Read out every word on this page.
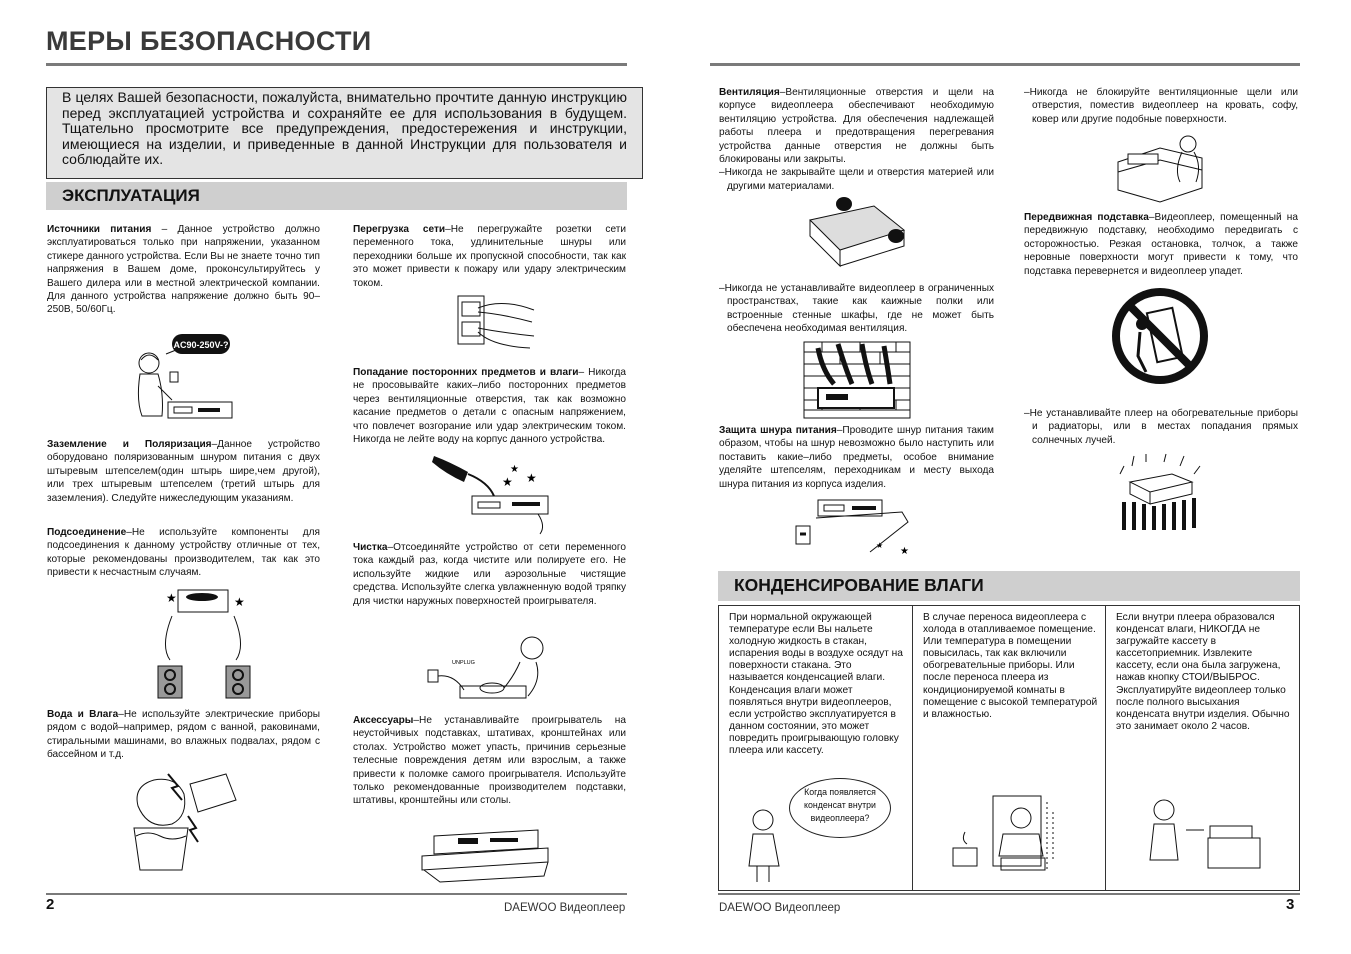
МЕРЫ БЕЗОПАСНОСТИ
В целях Вашей безопасности, пожалуйста, внимательно прочтите данную инструкцию перед эксплуатацией устройства и сохраняйте ее для использования в будущем. Тщательно просмотрите все предупреждения, предостережения и инструкции, имеющиеся на изделии, и приведенные в данной Инструкции для пользователя и соблюдайте их.
ЭКСПЛУАТАЦИЯ

Источники питания – Данное устройство должно эксплуатироваться только при напряжении, указанном стикере данного устройства. Если Вы не знаете точно тип напряжения в Вашем доме, проконсультируйтесь у Вашего дилера или в местной электрической компании. Для данного устройства напряжение должно быть 90–250В, 50/60Гц.

AC90-250V-?

Заземление и Поляризация–Данное устройство оборудовано поляризованным шнуром питания с двух штыревым штепселем(один штырь шире,чем другой), или трех штыревым штепселем (третий штырь для заземления). Следуйте нижеследующим указаниям.

Подсоединение–Не используйте компоненты для подсоединения к данному устройству отличные от тех, которые рекомендованы производителем, так как это привести к несчастным случаям.

★	★

Вода и Влага–Не используйте электрические приборы рядом с водой–например, рядом с ванной, раковинами, стиральными машинами, во влажных подвалах, рядом с бассейном и т.д.

Перегрузка сети–Не перегружайте розетки сети переменного тока, удлинительные шнуры или переходники больше их пропускной способности, так как это может привести к пожару или удару электрическим током.

Попадание посторонних предметов и влаги– Никогда не просовывайте каких–либо посторонних предметов через вентиляционные отверстия, так как возможно касание предметов о детали с опасным напряжением, что повлечет возгорание или удар электрическим током. Никогда не лейте воду на корпус данного устройства.

★ ★
★

Чистка–Отсоединяйте устройство от сети переменного тока каждый раз, когда чистите или полируете его. Не используйте жидкие или аэрозольные чистящие средства. Используйте слегка увлажненную водой тряпку для чистки наружных поверхностей проигрывателя.

UNPLUG

Аксессуары–Не устанавливайте проигрыватель на неустойчивых подставках, штативах, кронштейнах или столах. Устройство может упасть, причинив серьезные телесные повреждения детям или взрослым, а также привести к поломке самого проигрывателя. Используйте только рекомендованные производителем подставки, штативы, кронштейны или столы.

2	DAEWOO Видеоплеер

Вентиляция–Вентиляционные отверстия и щели на корпусе видеоплеера обеспечивают необходимую вентиляцию устройства. Для обеспечения надлежащей работы плеера и предотвращения перегревания устройства данные отверстия не должны быть блокированы или закрыты.

–Никогда не закрывайте щели и отверстия материей или другими материалами.

–Никогда не устанавливайте видеоплеер в ограниченных пространствах, такие как каижные полки или встроенные стенные шкафы, где не может быть обеспечена необходимая вентиляция.

Защита шнура питания–Проводите шнур питания таким образом, чтобы на шнур невозможно было наступить или поставить какие–либо предметы, особое внимание уделяйте штепселям, переходникам и месту выхода шнура питания из корпуса изделия.

★
★

–Никогда не блокируйте вентиляционные щели или отверстия, поместив видеоплеер на кровать, софу, ковер или другие подобные поверхности.

Передвижная подставка–Видеоплеер, помещенный на передвижную подставку, необходимо передвигать с осторожностью. Резкая остановка, толчок, а также неровные поверхности могут привести к тому, что подставка перевернется и видеоплеер упадет.

–Не устанавливайте плеер на обогревательные приборы и радиаторы, или в местах попадания прямых солнечных лучей.

КОНДЕНСИРОВАНИЕ ВЛАГИ
При нормальной окружающей температуре если Вы нальете холодную жидкость в стакан, испарения воды в воздухе осядут на поверхности стакана. Это называется конденсацией влаги. Конденсация влаги может появляться внутри видеоплееров, если устройство эксплуатируется в данном состоянии, это может повредить проигрывающую головку плеера или кассету.
Когда появляется конденсат внутри видеоплеера?
В случае переноса видеоплеера с холода в отапливаемое помещение. Или температура в помещении повысилась, так как включили обогревательные приборы. Или после переноса плеера из кондиционируемой комнаты в помещение с высокой температурой и влажностью.
Если внутри плеера образовался конденсат влаги, НИКОГДА не загружайте кассету в кассетоприемник. Извлеките кассету, если она была загружена, нажав кнопку СТОИ/ВЫБРОС. Эксплуатируйте видеоплеер только после полного высыхания конденсата внутри изделия. Обычно это занимает около 2 часов.
DAEWOO Видеоплеер	3
